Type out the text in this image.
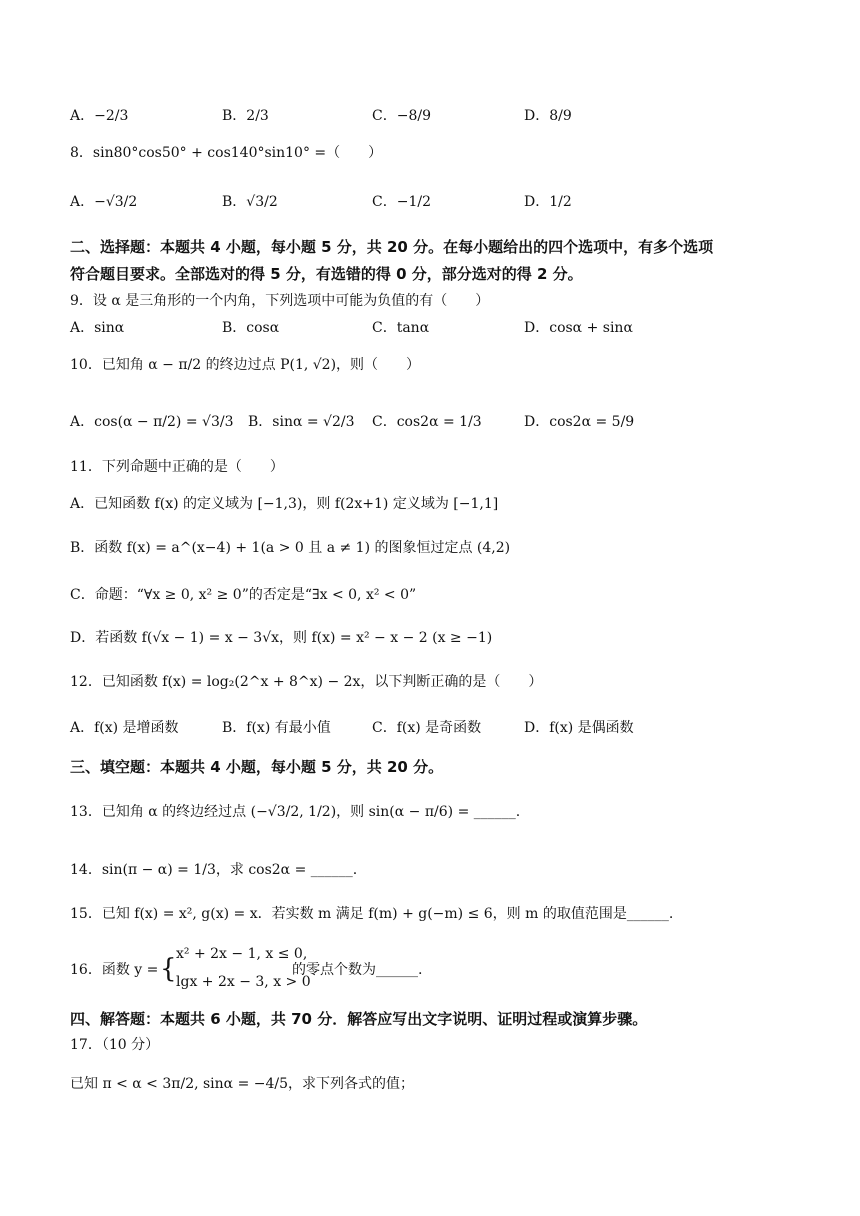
A．−2/3	B．2/3	C．−8/9	D．8/9
8．sin80°cos50° + cos140°sin10° =（　　）
A．−√3/2	B．√3/2	C．−1/2	D．1/2
二、选择题：本题共 4 小题，每小题 5 分，共 20 分。在每小题给出的四个选项中，有多个选项
符合题目要求。全部选对的得 5 分，有选错的得 0 分，部分选对的得 2 分。
9．设 α 是三角形的一个内角，下列选项中可能为负值的有（　　）
A．sinα	B．cosα	C．tanα	D．cosα + sinα
10．已知角 α − π/2 的终边过点 P(1, √2)，则（　　）
A．cos(α − π/2) = √3/3 B．sinα = √2/3 C．cos2α = 1/3	D．cos2α = 5/9
11．下列命题中正确的是（　　）
A．已知函数 f(x) 的定义域为 [−1,3)，则 f(2x+1) 定义域为 [−1,1]
B．函数 f(x) = a^(x−4) + 1(a > 0 且 a ≠ 1) 的图象恒过定点 (4,2)
C．命题：“∀x ≥ 0, x² ≥ 0”的否定是“∃x < 0, x² < 0”
D．若函数 f(√x − 1) = x − 3√x，则 f(x) = x² − x − 2 (x ≥ −1)
12．已知函数 f(x) = log₂(2^x + 8^x) − 2x，以下判断正确的是（　　）
A．f(x) 是增函数	B．f(x) 有最小值	C．f(x) 是奇函数	D．f(x) 是偶函数
三、填空题：本题共 4 小题，每小题 5 分，共 20 分。
13．已知角 α 的终边经过点 (−√3/2, 1/2)，则 sin(α − π/6) = ______.
14．sin(π − α) = 1/3，求 cos2α = ______.
15．已知 f(x) = x², g(x) = x．若实数 m 满足 f(m) + g(−m) ≤ 6，则 m 的取值范围是______.
16．函数 y = { x² + 2x − 1, x ≤ 0,
lgx + 2x − 3, x > 0
的零点个数为______.
四、解答题：本题共 6 小题，共 70 分．解答应写出文字说明、证明过程或演算步骤。
17．（10 分）
已知 π < α < 3π/2, sinα = −4/5，求下列各式的值；
